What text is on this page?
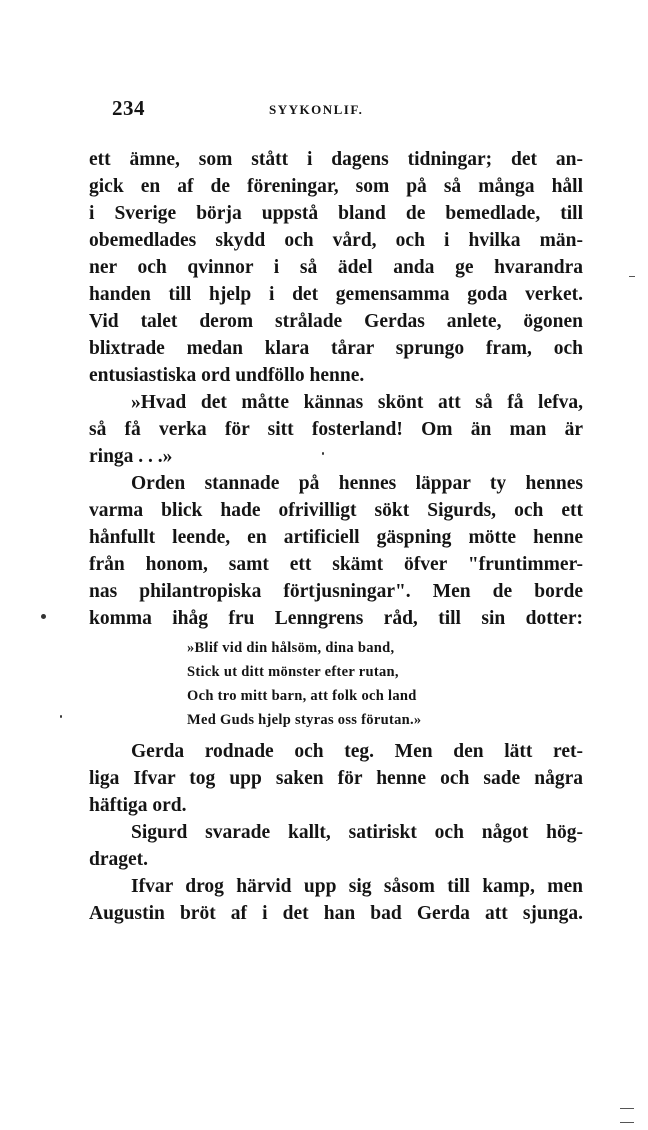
234	SYYKONLIF.
ett ämne, som stått i dagens tidningar; det an-
gick en af de föreningar, som på så många håll
i Sverige börja uppstå bland de bemedlade, till
obemedlades skydd och vård, och i hvilka män-
ner och qvinnor i så ädel anda ge hvarandra
handen till hjelp i det gemensamma goda verket.
Vid talet derom strålade Gerdas anlete, ögonen
blixtrade medan klara tårar sprungo fram, och
entusiastiska ord undföllo henne.
»Hvad det måtte kännas skönt att så få lefva,
så få verka för sitt fosterland! Om än man är
ringa . . .»
Orden stannade på hennes läppar ty hennes
varma blick hade ofrivilligt sökt Sigurds, och ett
hånfullt leende, en artificiell gäspning mötte henne
från honom, samt ett skämt öfver "fruntimmer-
nas philantropiska förtjusningar". Men de borde
komma ihåg fru Lenngrens råd, till sin dotter:
»Blif vid din hålsöm, dina band,
Stick ut ditt mönster efter rutan,
Och tro mitt barn, att folk och land
Med Guds hjelp styras oss förutan.»
Gerda rodnade och teg. Men den lätt ret-
liga Ifvar tog upp saken för henne och sade några
häftiga ord.
Sigurd svarade kallt, satiriskt och något hög-
draget.
Ifvar drog härvid upp sig såsom till kamp, men
Augustin bröt af i det han bad Gerda att sjunga.
